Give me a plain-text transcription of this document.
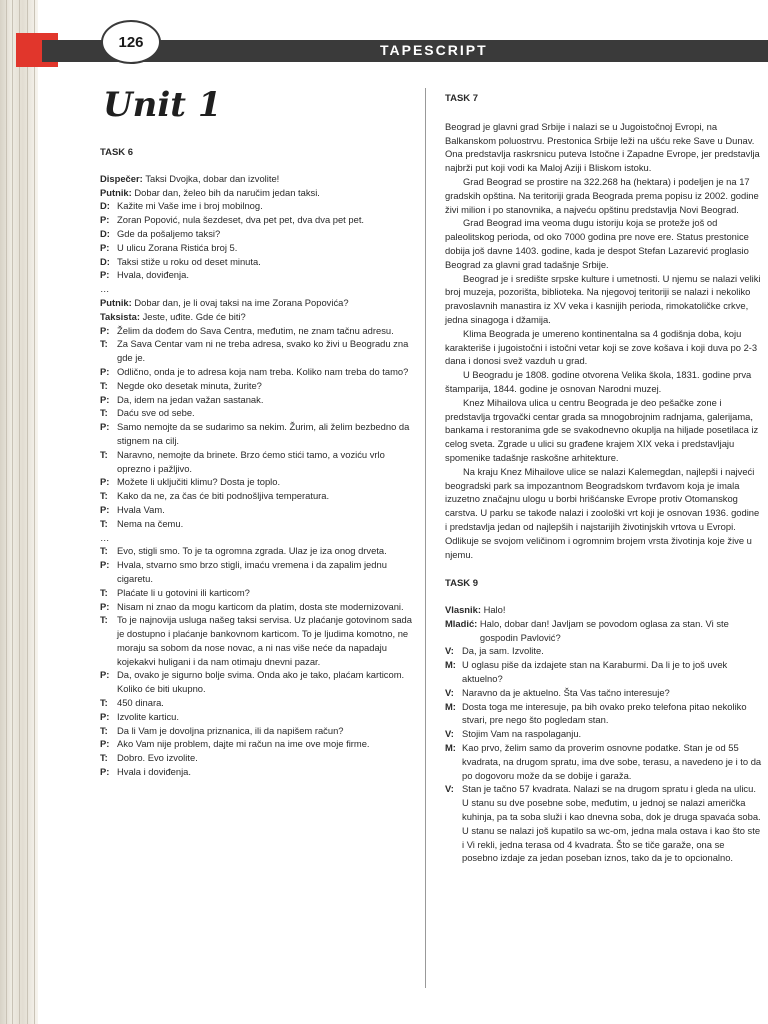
TAPESCRIPT
126
Unit 1

TASK 6

Dispečer: Taksi Dvojka, dobar dan izvolite!
Putnik: Dobar dan, želeo bih da naručim jedan taksi.
D: Kažite mi Vaše ime i broj mobilnog.
P: Zoran Popović, nula šezdeset, dva pet pet, dva dva pet pet.
D: Gde da pošaljemo taksi?
P: U ulicu Zorana Ristića broj 5.
D: Taksi stiže u roku od deset minuta.
P: Hvala, doviđenja.

…

Putnik: Dobar dan, je li ovaj taksi na ime Zorana Popovića?
Taksista: Jeste, uđite. Gde će biti?
P: Želim da dođem do Sava Centra, međutim, ne znam tačnu adresu.
T: Za Sava Centar vam ni ne treba adresa, svako ko živi u Beogradu zna gde je.
P: Odlično, onda je to adresa koja nam treba. Koliko nam treba do tamo?
T: Negde oko desetak minuta, žurite?
P: Da, idem na jedan važan sastanak.
T: Daću sve od sebe.
P: Samo nemojte da se sudarimo sa nekim. Žurim, ali želim bezbedno da stignem na cilj.
T: Naravno, nemojte da brinete. Brzo ćemo stići tamo, a voziću vrlo oprezno i pažljivo.
P: Možete li uključiti klimu? Dosta je toplo.
T: Kako da ne, za čas će biti podnošljiva temperatura.
P: Hvala Vam.
T: Nema na čemu.

…

T: Evo, stigli smo. To je ta ogromna zgrada. Ulaz je iza onog drveta.
P: Hvala, stvarno smo brzo stigli, imaću vremena i da zapalim jednu cigaretu.
T: Plaćate li u gotovini ili karticom?
P: Nisam ni znao da mogu karticom da platim, dosta ste modernizovani.
T: To je najnovija usluga našeg taksi servisa. Uz plaćanje gotovinom sada je dostupno i plaćanje bankovnom karticom. To je ljudima komotno, ne moraju sa sobom da nose novac, a ni nas više neće da napadaju kojekakvi huligani i da nam otimaju dnevni pazar.
P: Da, ovako je sigurno bolje svima. Onda ako je tako, plaćam karticom. Koliko će biti ukupno.
T: 450 dinara.
P: Izvolite karticu.
T: Da li Vam je dovoljna priznanica, ili da napišem račun?
P: Ako Vam nije problem, dajte mi račun na ime ove moje firme.
T: Dobro. Evo izvolite.
P: Hvala i doviđenja.

TASK 7

Beograd je glavni grad Srbije i nalazi se u Jugoistočnoj Evropi, na Balkanskom poluostrvu. Prestonica Srbije leži na ušću reke Save u Dunav. Ona predstavlja raskrsnicu puteva Istočne i Zapadne Evrope, jer predstavlja najbrži put koji vodi ka Maloj Aziji i Bliskom istoku.

Grad Beograd se prostire na 322.268 ha (hektara) i podeljen je na 17 gradskih opština. Na teritoriji grada Beograda prema popisu iz 2002. godine živi milion i po stanovnika, a najveću opštinu predstavlja Novi Beograd.

Grad Beograd ima veoma dugu istoriju koja se proteže još od paleolitskog perioda, od oko 7000 godina pre nove ere. Status prestonice dobija još davne 1403. godine, kada je despot Stefan Lazarević proglasio Beograd za glavni grad tadašnje Srbije.

Beograd je i središte srpske kulture i umetnosti. U njemu se nalazi veliki broj muzeja, pozorišta, biblioteka. Na njegovoj teritoriji se nalazi i nekoliko pravoslavnih manastira iz XV veka i kasnijih perioda, rimokatoličke crkve, jedna sinagoga i džamija.

Klima Beograda je umereno kontinentalna sa 4 godišnja doba, koju karakteriše i jugoistočni i istočni vetar koji se zove košava i koji duva po 2-3 dana i donosi svež vazduh u grad.

U Beogradu je 1808. godine otvorena Velika škola, 1831. godine prva štamparija, 1844. godine je osnovan Narodni muzej.

Knez Mihailova ulica u centru Beograda je deo pešačke zone i predstavlja trgovački centar grada sa mnogobrojnim radnjama, galerijama, bankama i restoranima gde se svakodnevno okuplja na hiljade posetilaca iz celog sveta. Zgrade u ulici su građene krajem XIX veka i predstavljaju spomenike tadašnje raskošne arhitekture.

Na kraju Knez Mihailove ulice se nalazi Kalemegdan, najlepši i najveći beogradski park sa impozantnom Beogradskom tvrđavom koja je imala izuzetno značajnu ulogu u borbi hrišćanske Evrope protiv Otomanskog carstva. U parku se takođe nalazi i zoološki vrt koji je osnovan 1936. godine i predstavlja jedan od najlepših i najstarijih životinjskih vrtova u Evropi. Odlikuje se svojom veličinom i ogromnim brojem vrsta životinja koje žive u njemu.

TASK 9

Vlasnik: Halo!
Mladić: Halo, dobar dan! Javljam se povodom oglasa za stan. Vi ste gospodin Pavlović?
V: Da, ja sam. Izvolite.
M: U oglasu piše da izdajete stan na Karaburmi. Da li je to još uvek aktuelno?
V: Naravno da je aktuelno. Šta Vas tačno interesuje?
M: Dosta toga me interesuje, pa bih ovako preko telefona pitao nekoliko stvari, pre nego što pogledam stan.
V: Stojim Vam na raspolaganju.
M: Kao prvo, želim samo da proverim osnovne podatke. Stan je od 55 kvadrata, na drugom spratu, ima dve sobe, terasu, a navedeno je i to da po dogovoru može da se dobije i garaža.
V: Stan je tačno 57 kvadrata. Nalazi se na drugom spratu i gleda na ulicu. U stanu su dve posebne sobe, međutim, u jednoj se nalazi američka kuhinja, pa ta soba služi i kao dnevna soba, dok je druga spavaća soba. U stanu se nalazi još kupatilo sa wc-om, jedna mala ostava i kao što ste i Vi rekli, jedna terasa od 4 kvadrata. Što se tiče garaže, ona se posebno izdaje za jedan poseban iznos, tako da je to opcionalno.
